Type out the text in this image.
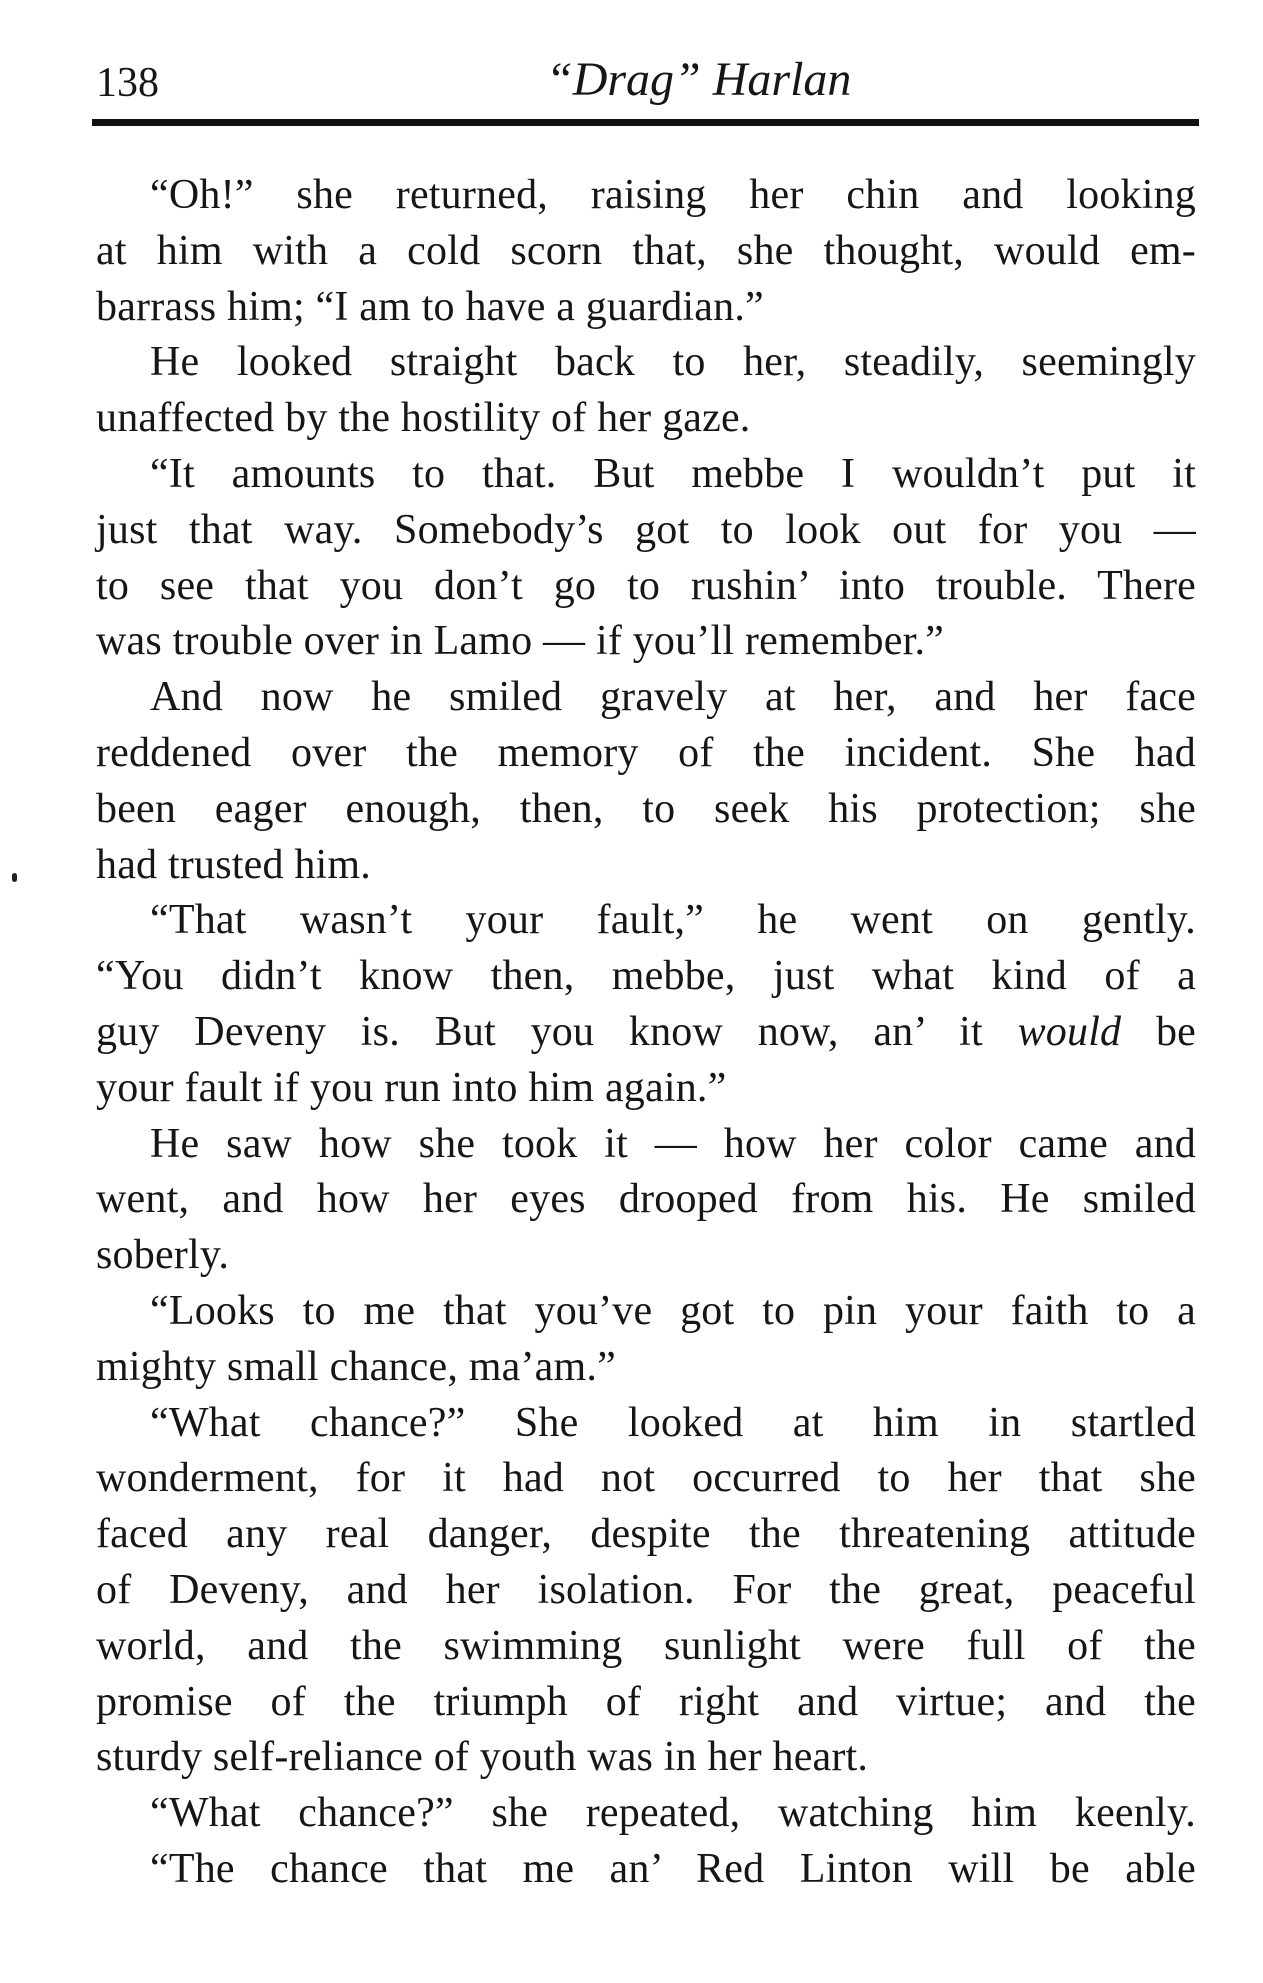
138	“Drag” Harlan
“Oh!” she returned, raising her chin and looking
at him with a cold scorn that, she thought, would em-
barrass him; “I am to have a guardian.”
He looked straight back to her, steadily, seemingly
unaffected by the hostility of her gaze.
“It amounts to that. But mebbe I wouldn’t put it
just that way. Somebody’s got to look out for you —
to see that you don’t go to rushin’ into trouble. There
was trouble over in Lamo — if you’ll remember.”
And now he smiled gravely at her, and her face
reddened over the memory of the incident. She had
been eager enough, then, to seek his protection; she
had trusted him.
“That wasn’t your fault,” he went on gently.
“You didn’t know then, mebbe, just what kind of a
guy Deveny is. But you know now, an’ it would be
your fault if you run into him again.”
He saw how she took it — how her color came and
went, and how her eyes drooped from his. He smiled
soberly.
“Looks to me that you’ve got to pin your faith to a
mighty small chance, ma’am.”
“What chance?” She looked at him in startled
wonderment, for it had not occurred to her that she
faced any real danger, despite the threatening attitude
of Deveny, and her isolation. For the great, peaceful
world, and the swimming sunlight were full of the
promise of the triumph of right and virtue; and the
sturdy self-reliance of youth was in her heart.
“What chance?” she repeated, watching him keenly.
“The chance that me an’ Red Linton will be able
